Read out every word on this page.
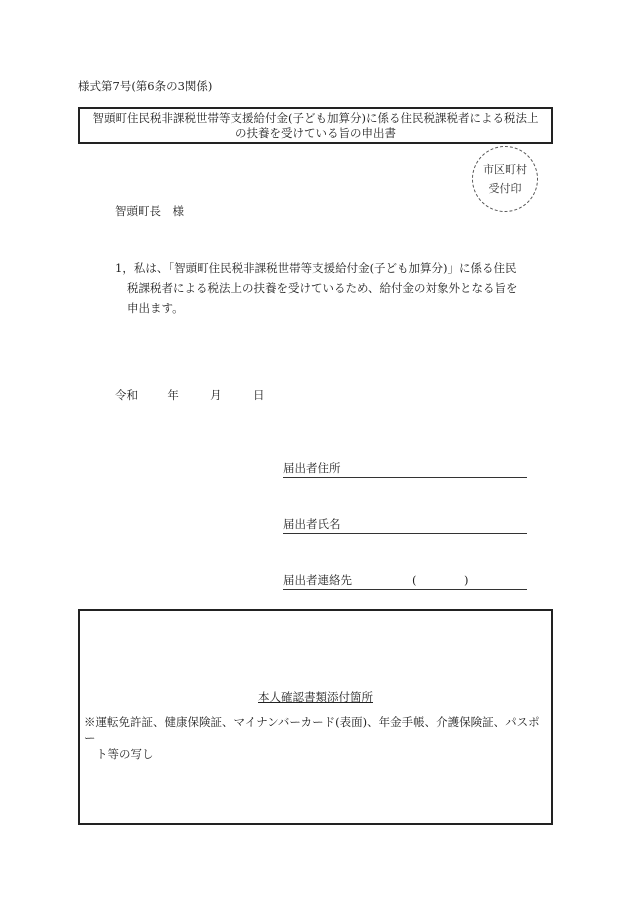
様式第7号(第6条の3関係)
智頭町住民税非課税世帯等支援給付金(子ども加算分)に係る住民税課税者による税法上
の扶養を受けている旨の申出書
市区町村
受付印
智頭町長　様
1，私は、「智頭町住民税非課税世帯等支援給付金(子ども加算分)」に係る住民
税課税者による税法上の扶養を受けているため、給付金の対象外となる旨を
申出ます。
令和	年	月	日
届出者住所
届出者氏名
届出者連絡先	(	)
本人確認書類添付箇所
※運転免許証、健康保険証、マイナンバーカード(表面)、年金手帳、介護保険証、パスポー
ト等の写し
